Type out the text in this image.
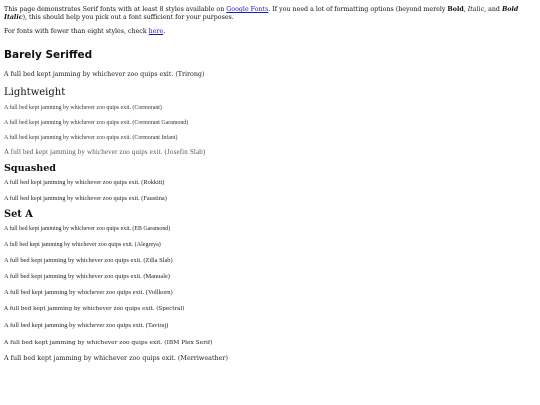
This page demonstrates Serif fonts with at least 8 styles available on Google Fonts. If you need a lot of formatting options (beyond merely Bold, Italic, and Bold Italic), this should help you pick out a font sufficient for your purposes.

For fonts with fewer than eight styles, check here.

Barely Seriffed

A full bed kept jamming by whichever zoo quips exit. (Trirong)

Lightweight

A full bed kept jamming by whichever zoo quips exit. (Cormorant)

A full bed kept jamming by whichever zoo quips exit. (Cormorant Garamond)

A full bed kept jamming by whichever zoo quips exit. (Cormorant Infant)

A full bed kept jamming by whichever zoo quips exit. (Josefin Slab)

Squashed

A full bed kept jamming by whichever zoo quips exit. (Rokkitt)

A full bed kept jamming by whichever zoo quips exit. (Faustina)

Set A

A full bed kept jamming by whichever zoo quips exit. (EB Garamond)

A full bed kept jamming by whichever zoo quips exit. (Alegreya)

A full bed kept jamming by whichever zoo quips exit. (Zilla Slab)

A full bed kept jamming by whichever zoo quips exit. (Manuale)

A full bed kept jamming by whichever zoo quips exit. (Vollkorn)

A full bed kept jamming by whichever zoo quips exit. (Spectral)

A full bed kept jamming by whichever zoo quips exit. (Taviraj)

A full bed kept jamming by whichever zoo quips exit. (IBM Plex Serif)

A full bed kept jamming by whichever zoo quips exit. (Merriweather)
